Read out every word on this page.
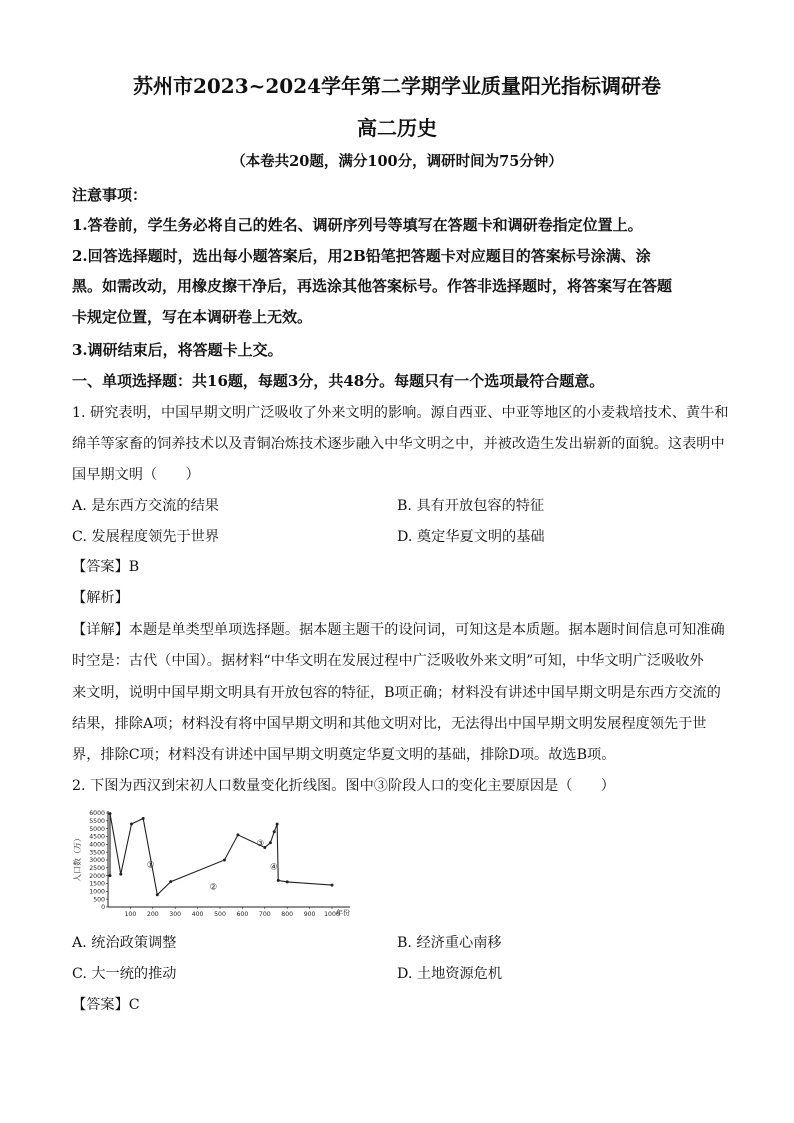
苏州市2023~2024学年第二学期学业质量阳光指标调研卷
高二历史
（本卷共20题，满分100分，调研时间为75分钟）
注意事项：
1.答卷前，学生务必将自己的姓名、调研序列号等填写在答题卡和调研卷指定位置上。
2.回答选择题时，选出每小题答案后，用2B铅笔把答题卡对应题目的答案标号涂满、涂
黑。如需改动，用橡皮擦干净后，再选涂其他答案标号。作答非选择题时，将答案写在答题
卡规定位置，写在本调研卷上无效。
3.调研结束后，将答题卡上交。
一、单项选择题：共16题，每题3分，共48分。每题只有一个选项最符合题意。
1. 研究表明，中国早期文明广泛吸收了外来文明的影响。源自西亚、中亚等地区的小麦栽培技术、黄牛和
绵羊等家畜的饲养技术以及青铜冶炼技术逐步融入中华文明之中，并被改造生发出崭新的面貌。这表明中
国早期文明（　　）
A. 是东西方交流的结果	B. 具有开放包容的特征
C. 发展程度领先于世界	D. 奠定华夏文明的基础
【答案】B
【解析】
【详解】本题是单类型单项选择题。据本题主题干的设问词，可知这是本质题。据本题时间信息可知准确
时空是：古代（中国）。据材料“中华文明在发展过程中广泛吸收外来文明”可知，中华文明广泛吸收外
来文明，说明中国早期文明具有开放包容的特征，B项正确；材料没有讲述中国早期文明是东西方交流的
结果，排除A项；材料没有将中国早期文明和其他文明对比，无法得出中国早期文明发展程度领先于世
界，排除C项；材料没有讲述中国早期文明奠定华夏文明的基础，排除D项。故选B项。
2. 下图为西汉到宋初人口数量变化折线图。图中③阶段人口的变化主要原因是（　　）
6000
5500
5000
4500
4000
3500
3000
2500
2000
1500
1000
500
0
100 200 300 400 500 600 700 800 900 1000
①
②
③
④
人口数（万）
年份
A. 统治政策调整	B. 经济重心南移
C. 大一统的推动	D. 土地资源危机
【答案】C
